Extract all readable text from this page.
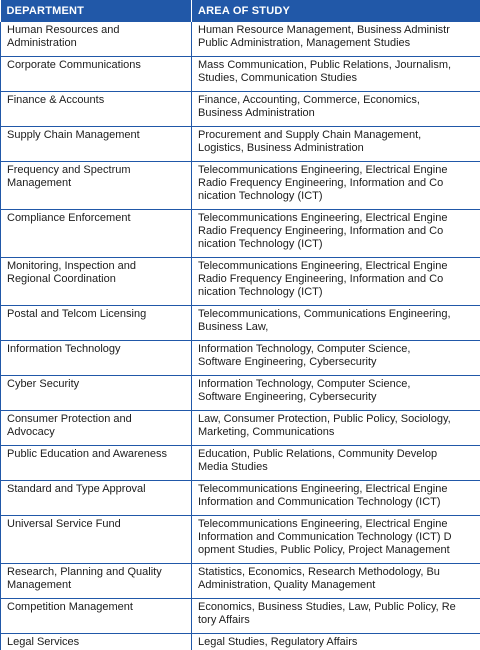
DEPARTMENT	AREA OF STUDY

Human Resources and
Administration	Human Resource Management, Business Administr
Public Administration, Management Studies

Corporate Communications	Mass Communication, Public Relations, Journalism,
Studies, Communication Studies

Finance & Accounts	Finance, Accounting, Commerce, Economics,
Business Administration

Supply Chain Management	Procurement and Supply Chain Management,
Logistics, Business Administration

Frequency and Spectrum
Management	Telecommunications Engineering, Electrical Engine
Radio Frequency Engineering, Information and Co
nication Technology (ICT)

Compliance Enforcement	Telecommunications Engineering, Electrical Engine
Radio Frequency Engineering, Information and Co
nication Technology (ICT)

Monitoring, Inspection and
Regional Coordination	Telecommunications Engineering, Electrical Engine
Radio Frequency Engineering, Information and Co
nication Technology (ICT)

Postal and Telcom Licensing	Telecommunications, Communications Engineering,
Business Law,

Information Technology	Information Technology, Computer Science,
Software Engineering, Cybersecurity

Cyber Security	Information Technology, Computer Science,
Software Engineering, Cybersecurity

Consumer Protection and
Advocacy	Law, Consumer Protection, Public Policy, Sociology,
Marketing, Communications

Public Education and Awareness	Education, Public Relations, Community Develop
Media Studies

Standard and Type Approval	Telecommunications Engineering, Electrical Engine
Information and Communication Technology (ICT)

Universal Service Fund	Telecommunications Engineering, Electrical Engine
Information and Communication Technology (ICT) D
opment Studies, Public Policy, Project Management

Research, Planning and Quality
Management	Statistics, Economics, Research Methodology, Bu
Administration, Quality Management

Competition Management	Economics, Business Studies, Law, Public Policy, Re
tory Affairs

Legal Services	Legal Studies, Regulatory Affairs
